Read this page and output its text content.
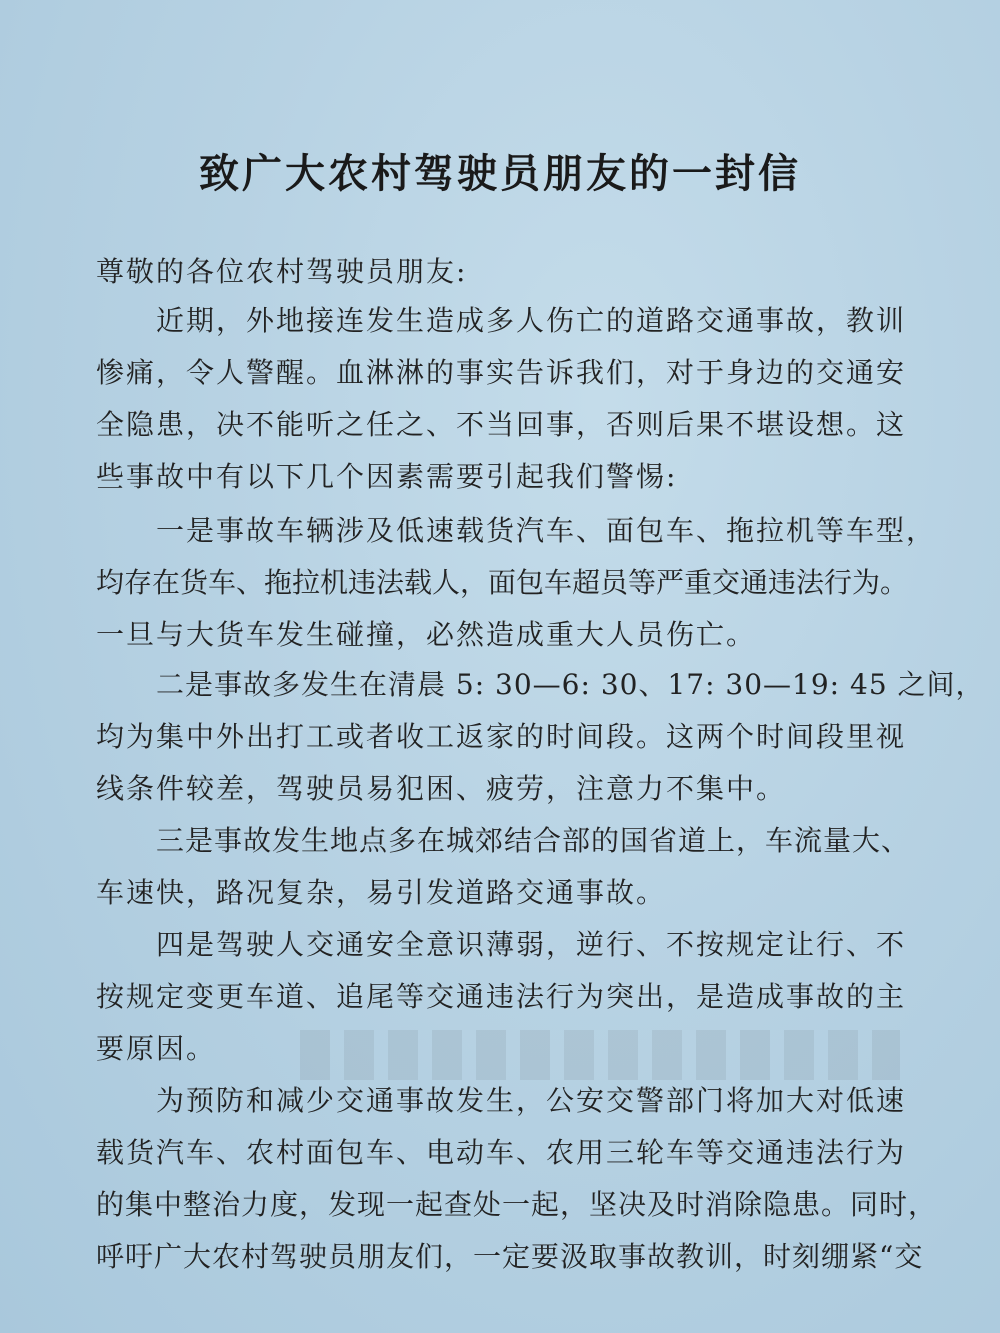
致广大农村驾驶员朋友的一封信
尊敬的各位农村驾驶员朋友:
近期，外地接连发生造成多人伤亡的道路交通事故，教训
惨痛，令人警醒。血淋淋的事实告诉我们，对于身边的交通安
全隐患，决不能听之任之、不当回事，否则后果不堪设想。这
些事故中有以下几个因素需要引起我们警惕:
一是事故车辆涉及低速载货汽车、面包车、拖拉机等车型，
均存在货车、拖拉机违法载人，面包车超员等严重交通违法行为。
一旦与大货车发生碰撞，必然造成重大人员伤亡。
二是事故多发生在清晨 5: 30—6: 30、17: 30—19: 45 之间，
均为集中外出打工或者收工返家的时间段。这两个时间段里视
线条件较差，驾驶员易犯困、疲劳，注意力不集中。
三是事故发生地点多在城郊结合部的国省道上，车流量大、
车速快，路况复杂，易引发道路交通事故。
四是驾驶人交通安全意识薄弱，逆行、不按规定让行、不
按规定变更车道、追尾等交通违法行为突出，是造成事故的主
要原因。
为预防和减少交通事故发生，公安交警部门将加大对低速
载货汽车、农村面包车、电动车、农用三轮车等交通违法行为
的集中整治力度，发现一起查处一起，坚决及时消除隐患。同时，
呼吁广大农村驾驶员朋友们，一定要汲取事故教训，时刻绷紧“交
